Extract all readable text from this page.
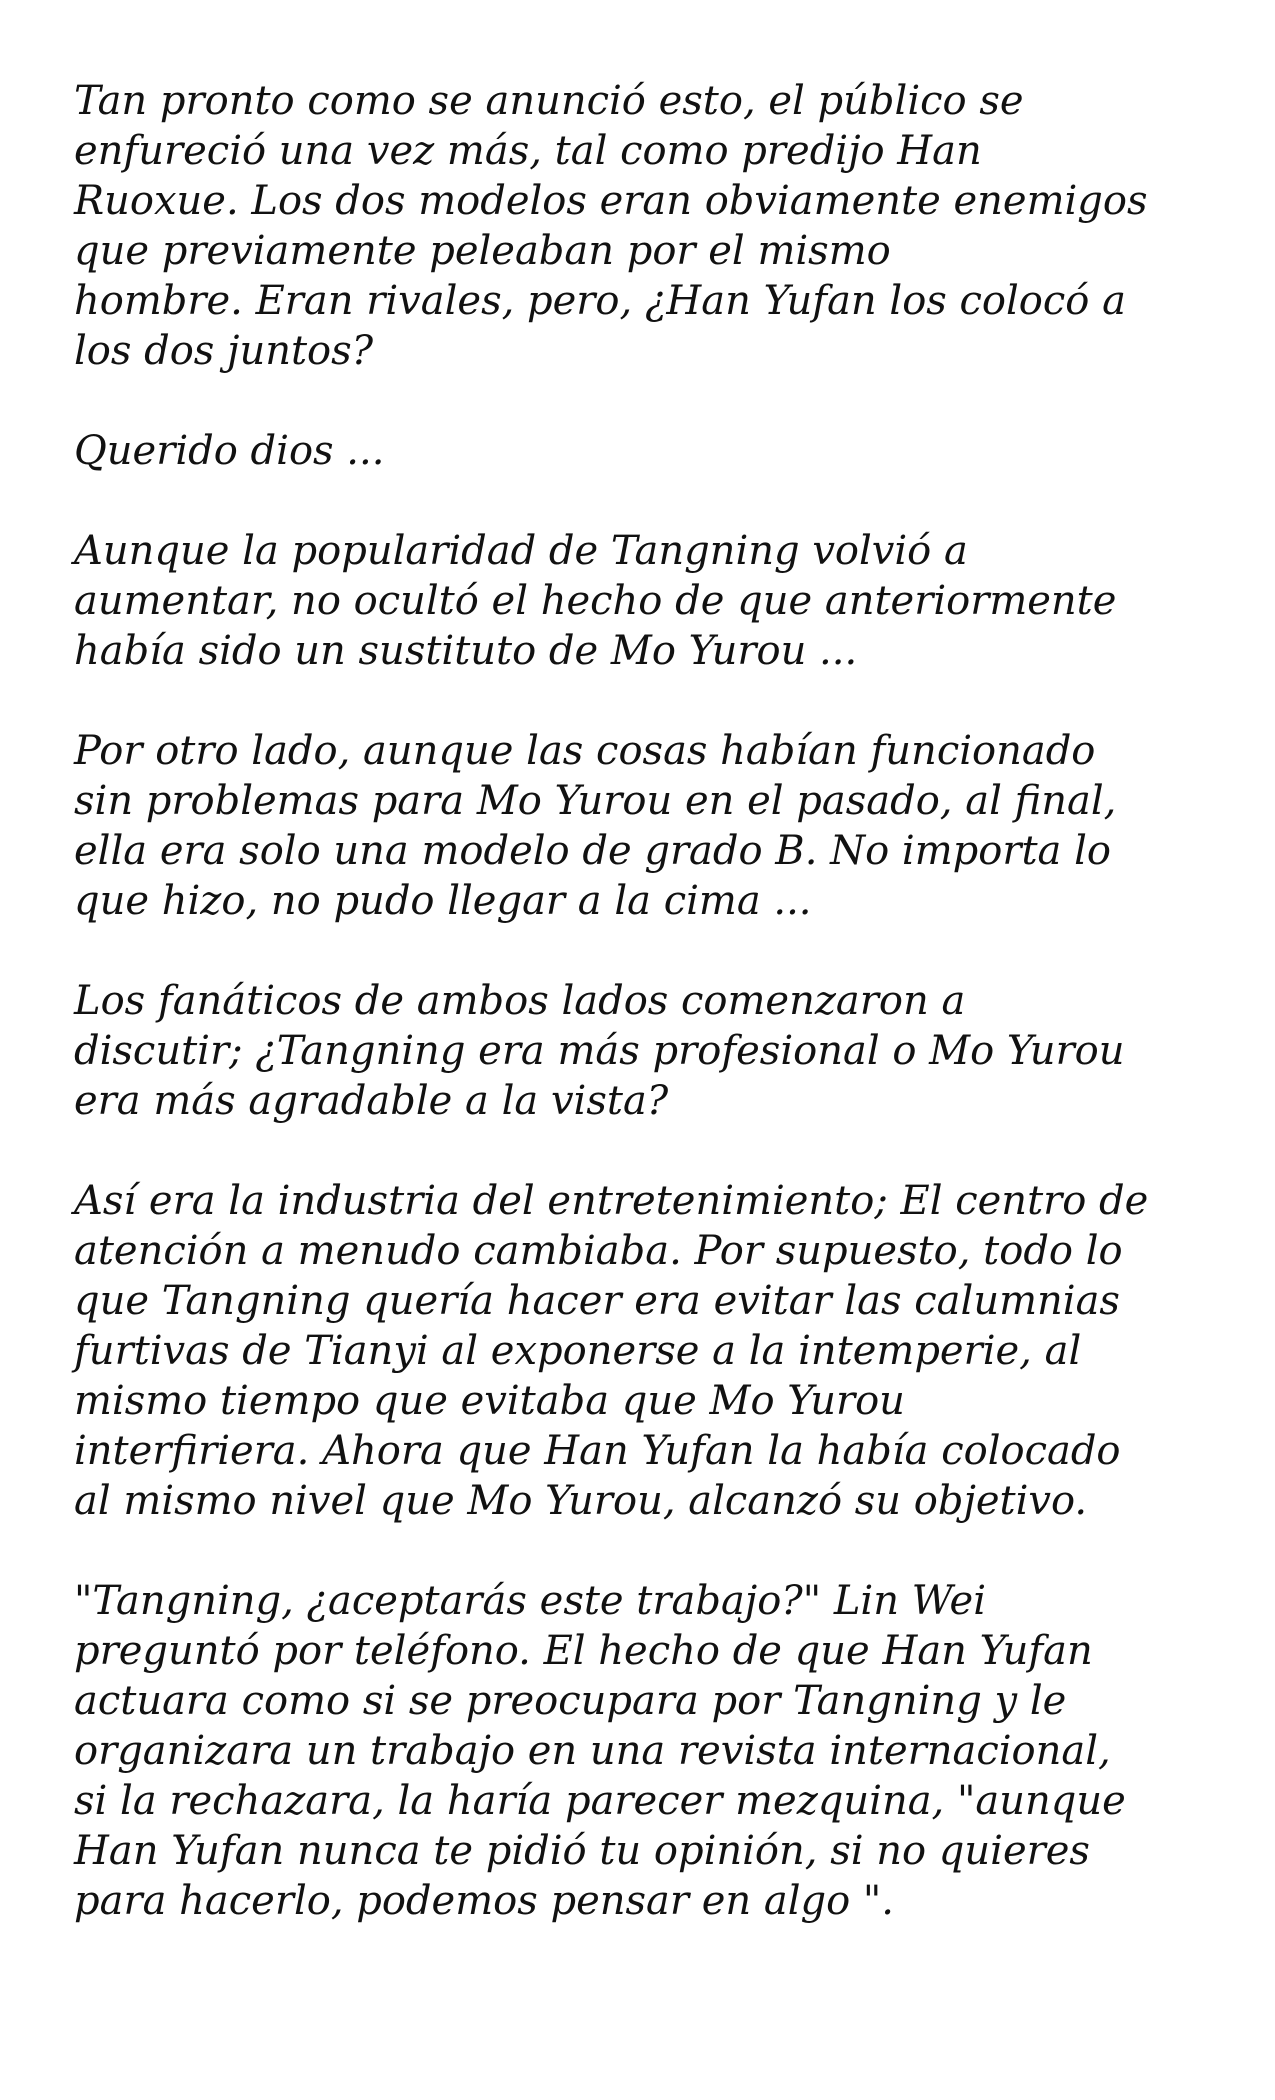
Tan pronto como se anunció esto, el público se
enfureció una vez más, tal como predijo Han
Ruoxue. Los dos modelos eran obviamente enemigos
que previamente peleaban por el mismo
hombre. Eran rivales, pero, ¿Han Yufan los colocó a
los dos juntos?

Querido dios ...

Aunque la popularidad de Tangning volvió a
aumentar, no ocultó el hecho de que anteriormente
había sido un sustituto de Mo Yurou ...

Por otro lado, aunque las cosas habían funcionado
sin problemas para Mo Yurou en el pasado, al final,
ella era solo una modelo de grado B. No importa lo
que hizo, no pudo llegar a la cima ...

Los fanáticos de ambos lados comenzaron a
discutir; ¿Tangning era más profesional o Mo Yurou
era más agradable a la vista?

Así era la industria del entretenimiento; El centro de
atención a menudo cambiaba. Por supuesto, todo lo
que Tangning quería hacer era evitar las calumnias
furtivas de Tianyi al exponerse a la intemperie, al
mismo tiempo que evitaba que Mo Yurou
interfiriera. Ahora que Han Yufan la había colocado
al mismo nivel que Mo Yurou, alcanzó su objetivo.

"Tangning, ¿aceptarás este trabajo?" Lin Wei
preguntó por teléfono. El hecho de que Han Yufan
actuara como si se preocupara por Tangning y le
organizara un trabajo en una revista internacional,
si la rechazara, la haría parecer mezquina, "aunque
Han Yufan nunca te pidió tu opinión, si no quieres
para hacerlo, podemos pensar en algo ".
